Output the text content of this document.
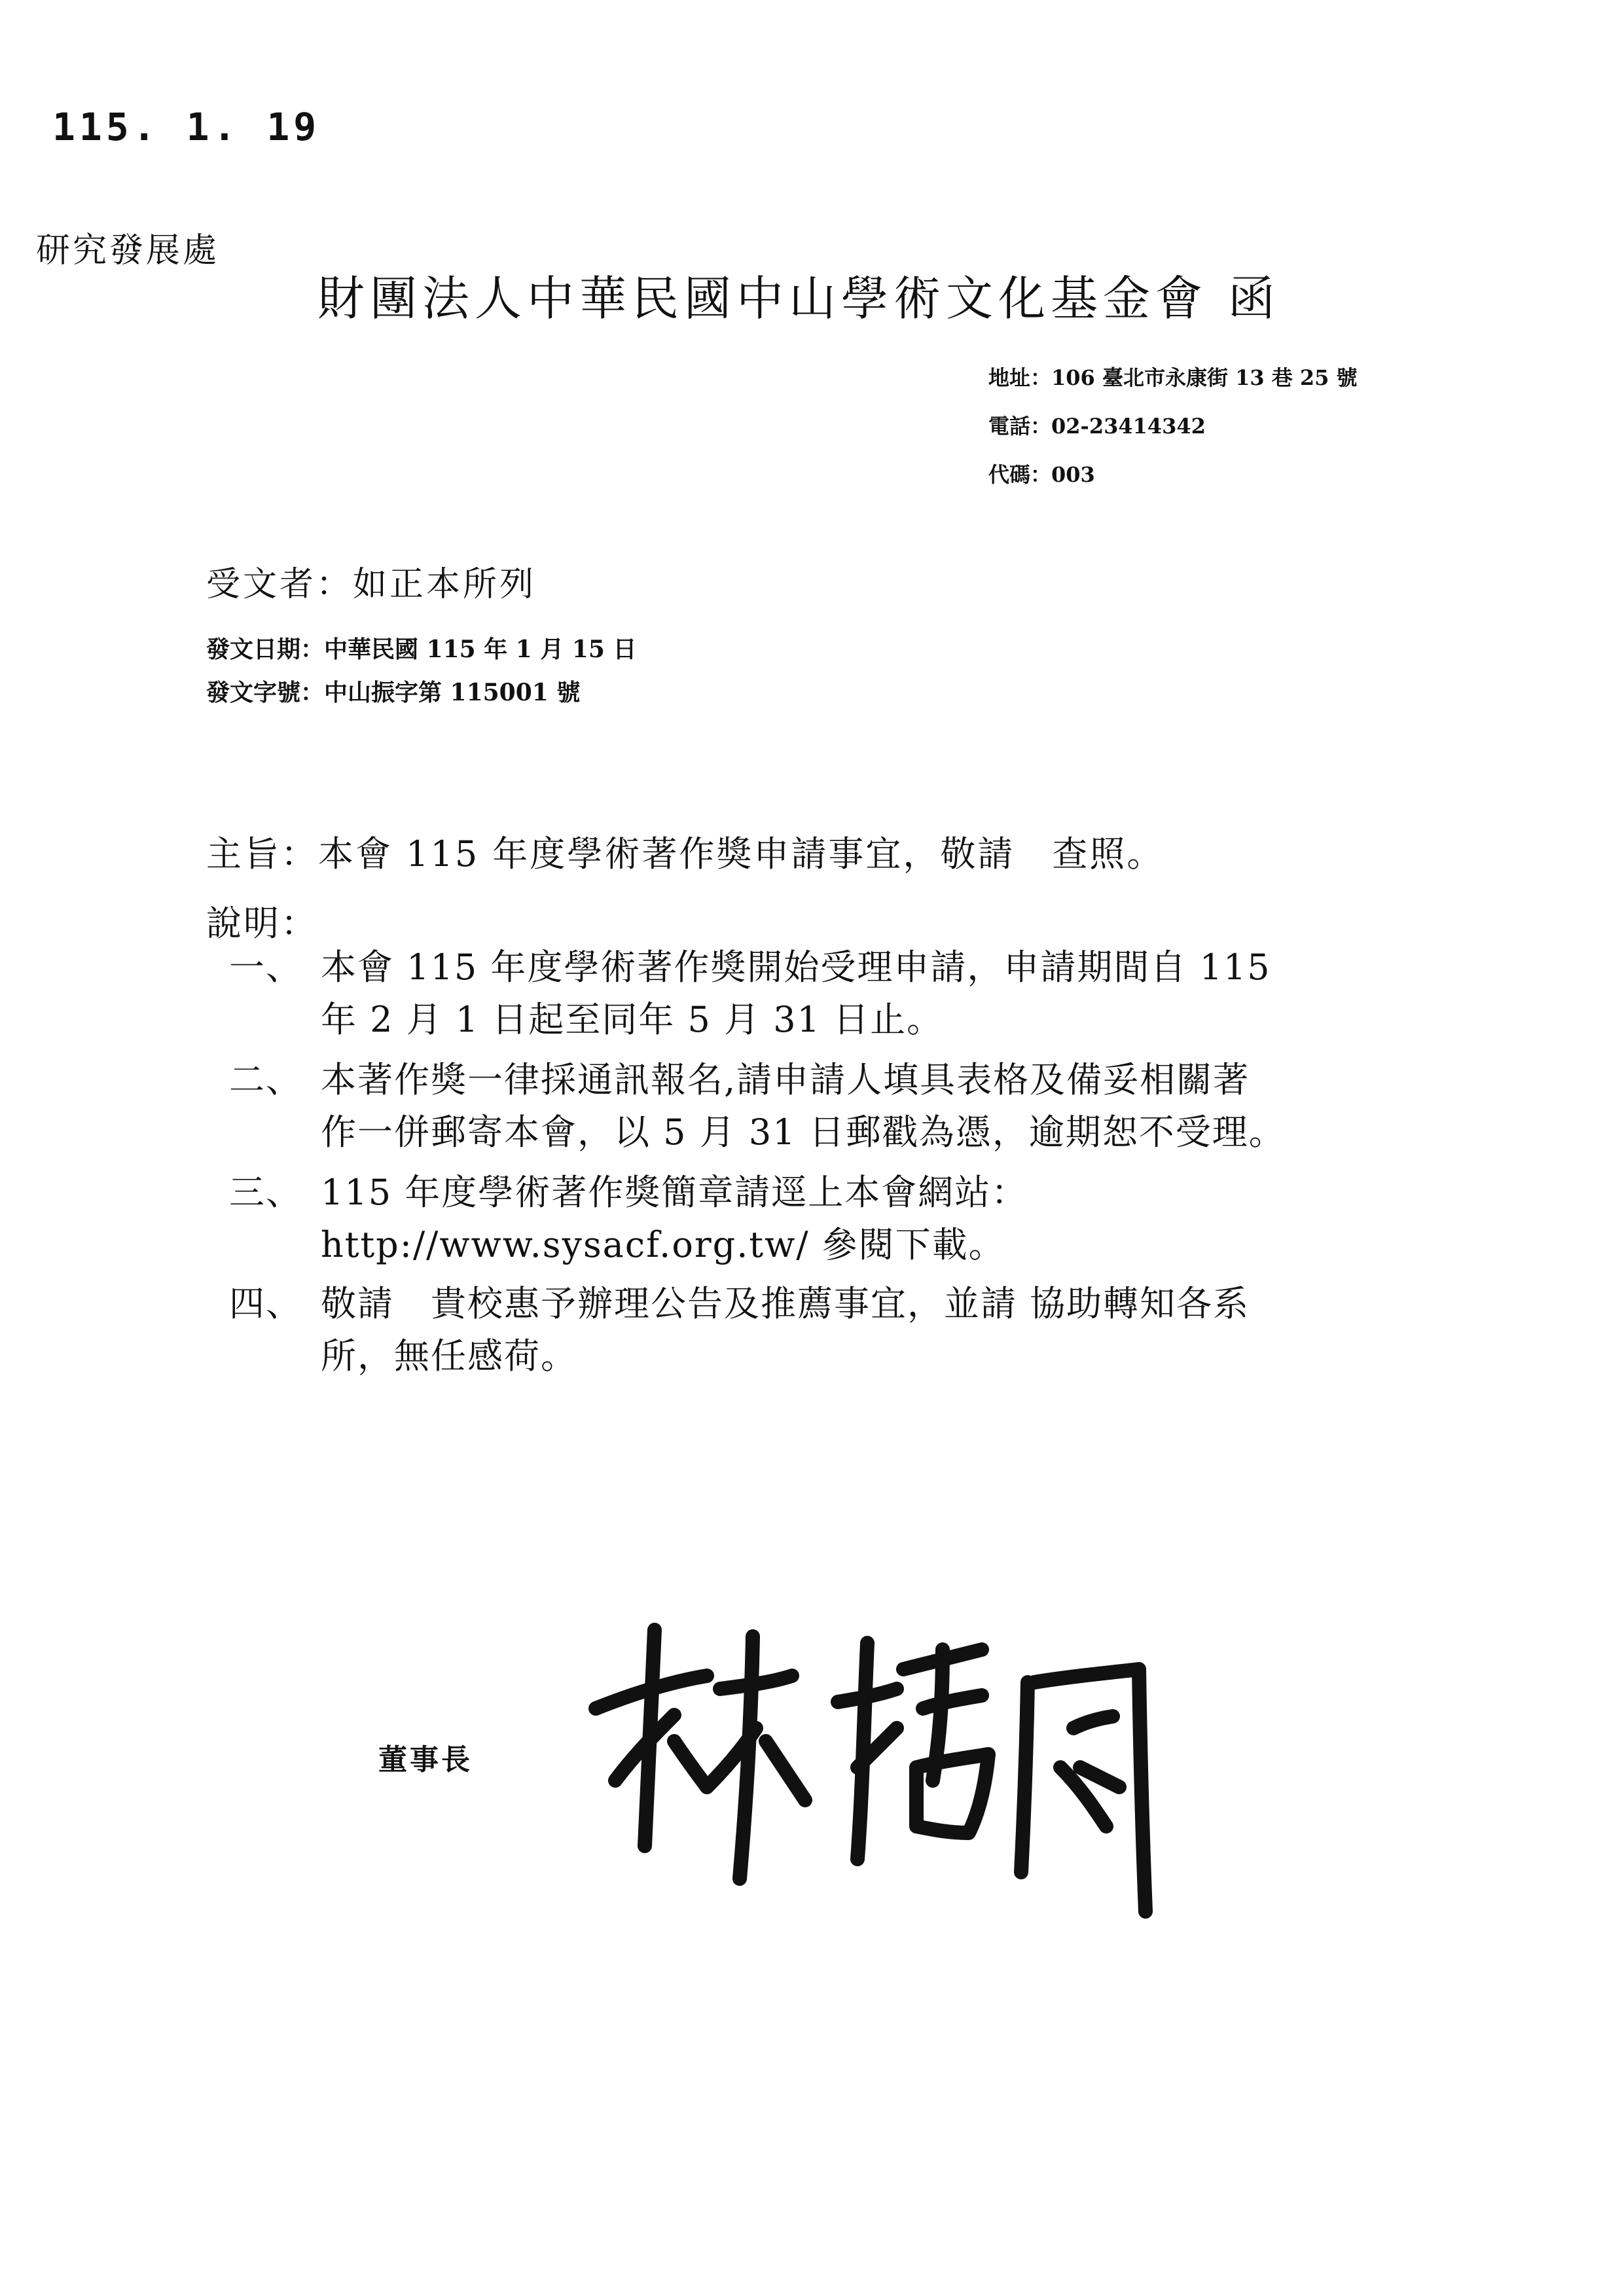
115. 1. 19
研究發展處
財團法人中華民國中山學術文化基金會 函
地址：106 臺北市永康街 13 巷 25 號
電話：02-23414342
代碼：003
受文者：如正本所列
發文日期：中華民國 115 年 1 月 15 日
發文字號：中山振字第 115001 號
主旨：本會 115 年度學術著作獎申請事宜，敬請　查照。
說明：
一、 本會 115 年度學術著作獎開始受理申請，申請期間自 115
年 2 月 1 日起至同年 5 月 31 日止。
二、 本著作獎一律採通訊報名,請申請人填具表格及備妥相關著
作一併郵寄本會，以 5 月 31 日郵戳為憑，逾期恕不受理。
三、 115 年度學術著作獎簡章請逕上本會網站：
http://www.sysacf.org.tw/ 參閱下載。
四、 敬請　貴校惠予辦理公告及推薦事宜，並請 協助轉知各系
所，無任感荷。
董事長
